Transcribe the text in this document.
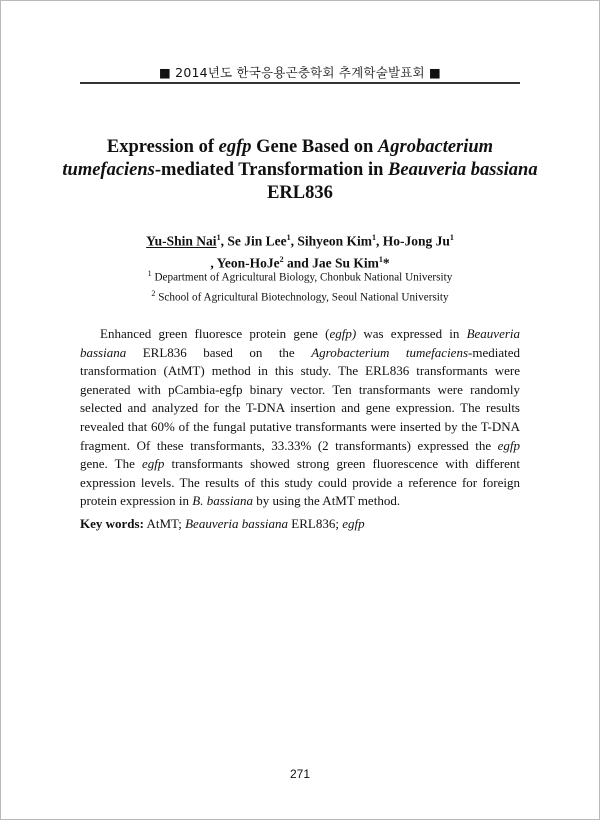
■ 2014년도 한국응용곤충학회 추계학술발표회 ■
Expression of egfp Gene Based on Agrobacterium tumefaciens-mediated Transformation in Beauveria bassiana
ERL836
Yu-Shin Nai$^1$, Se Jin Lee$^1$, Sihyeon Kim$^1$, Ho-Jong Ju$^1$
, Yeon-HoJe$^2$ and Jae Su Kim$^1$*
$^1$ Department of Agricultural Biology, Chonbuk National University
$^2$ School of Agricultural Biotechnology, Seoul National University

Enhanced green fluoresce protein gene (egfp) was expressed in Beauveria bassiana ERL836 based on the Agrobacterium tumefaciens-mediated transformation (AtMT) method in this study. The ERL836 transformants were generated with pCambia-egfp binary vector. Ten transformants were randomly selected and analyzed for the T-DNA insertion and gene expression. The results revealed that 60% of the fungal putative transformants were inserted by the T-DNA fragment. Of these transformants, 33.33% (2 transformants) expressed the egfp gene. The egfp transformants showed strong green fluorescence with different expression levels. The results of this study could provide a reference for foreign protein expression in B. bassiana by using the AtMT method.

Key words: AtMT; Beauveria bassiana ERL836; egfp
271
